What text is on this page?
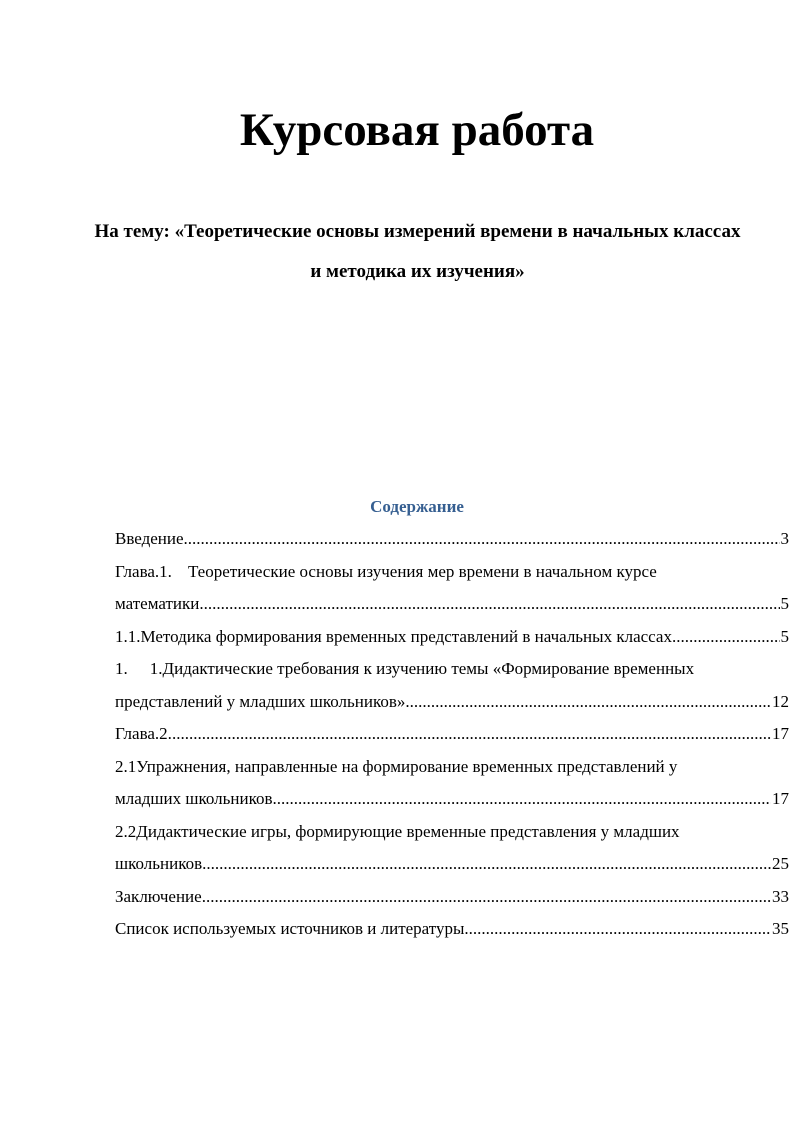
Курсовая работа
На тему: «Теоретические основы измерений времени в начальных классах
и методика их изучения»
Содержание
Введение .....	3
Глава.1. Теоретические основы изучения мер времени в начальном курсе
математики .....	5
1.1.Методика формирования временных представлений в начальных классах .....	5
1. 1.Дидактические требования к изучению темы «Формирование временных
представлений у младших школьников» .....	12
Глава.2. .....	17
2.1Упражнения, направленные на формирование временных представлений у
младших школьников .....	17
2.2Дидактические игры, формирующие временные представления у младших
школьников .....	25
Заключение .....	33
Список используемых источников и литературы .....	35
